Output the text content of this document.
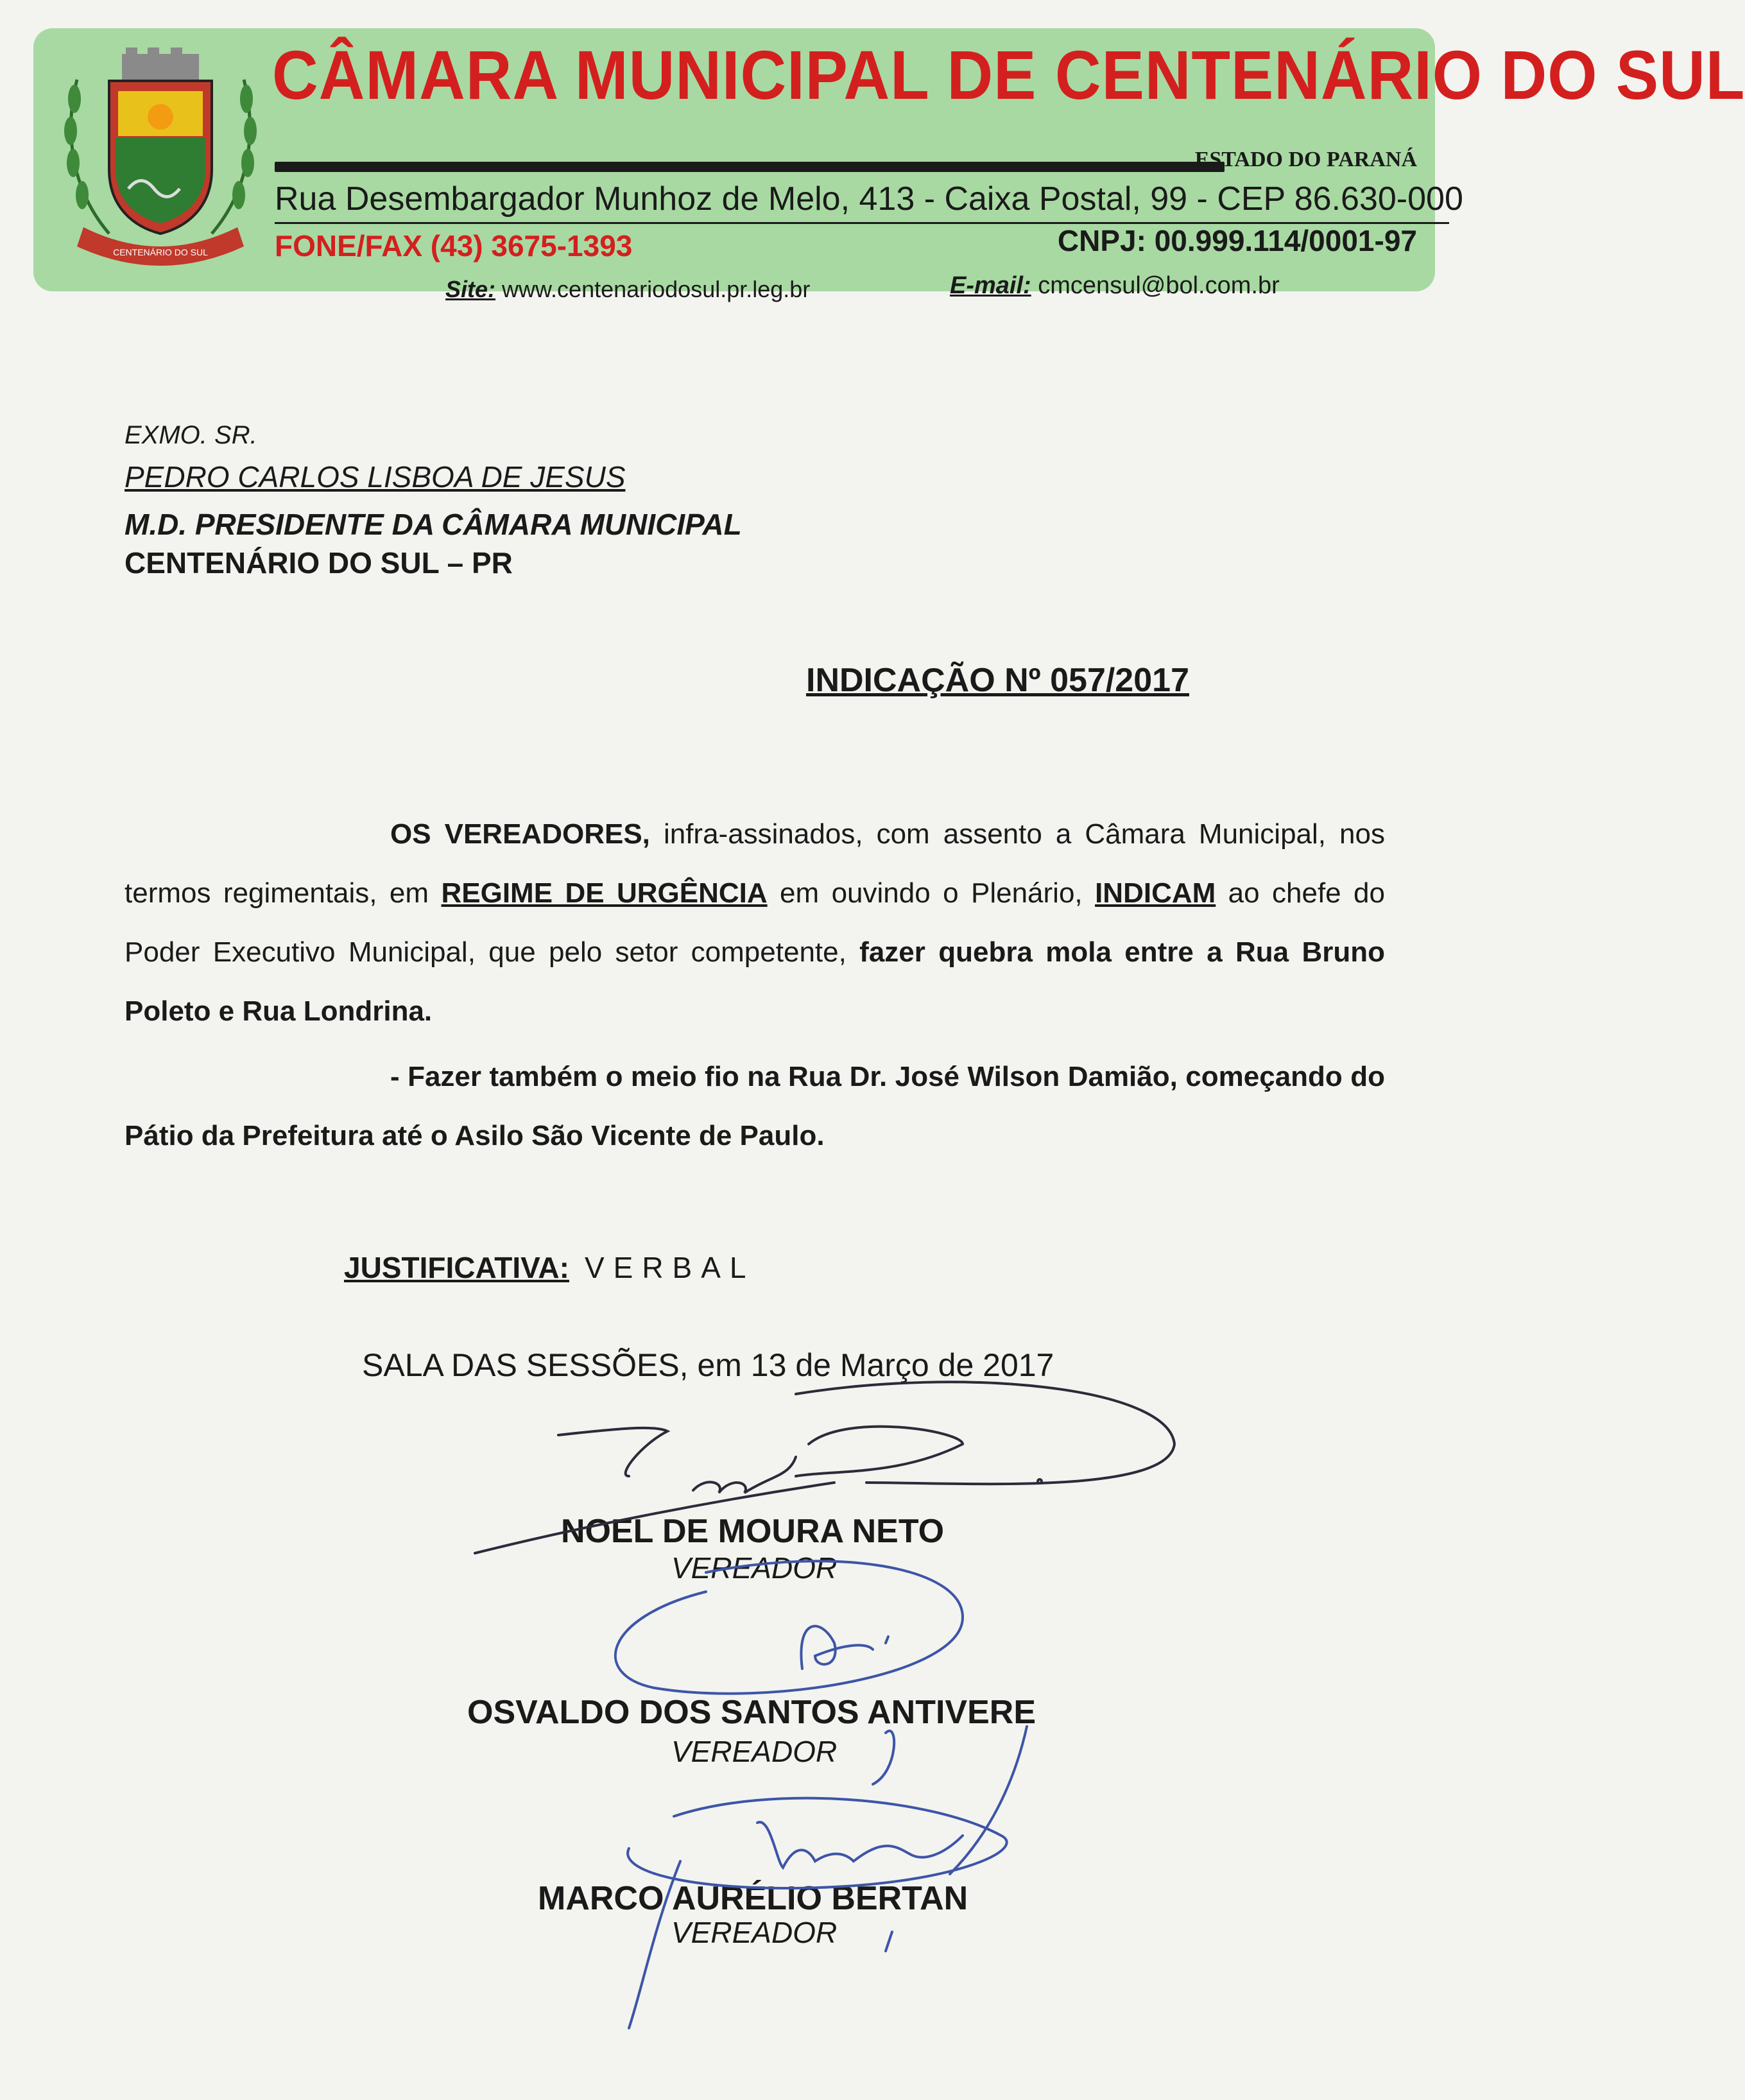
CENTENÁRIO DO SUL
CÂMARA MUNICIPAL DE CENTENÁRIO DO SUL
ESTADO DO PARANÁ
Rua Desembargador Munhoz de Melo, 413 - Caixa Postal, 99 - CEP 86.630-000
FONE/FAX (43) 3675-1393	CNPJ: 00.999.114/0001-97
Site: www.centenariodosul.pr.leg.br	E-mail: cmcensul@bol.com.br
EXMO. SR.
PEDRO CARLOS LISBOA DE JESUS
M.D. PRESIDENTE DA CÂMARA MUNICIPAL
CENTENÁRIO DO SUL – PR
INDICAÇÃO Nº 057/2017
OS VEREADORES, infra-assinados, com assento a Câmara Municipal, nos termos regimentais, em REGIME DE URGÊNCIA em ouvindo o Plenário, INDICAM ao chefe do Poder Executivo Municipal, que pelo setor competente, fazer quebra mola entre a Rua Bruno Poleto e Rua Londrina.
- Fazer também o meio fio na Rua Dr. José Wilson Damião, começando do Pátio da Prefeitura até o Asilo São Vicente de Paulo.
JUSTIFICATIVA: VERBAL
SALA DAS SESSÕES, em 13 de Março de 2017
NOEL DE MOURA NETO
VEREADOR
OSVALDO DOS SANTOS ANTIVERE
VEREADOR
MARCO AURÉLIO BERTAN
VEREADOR
